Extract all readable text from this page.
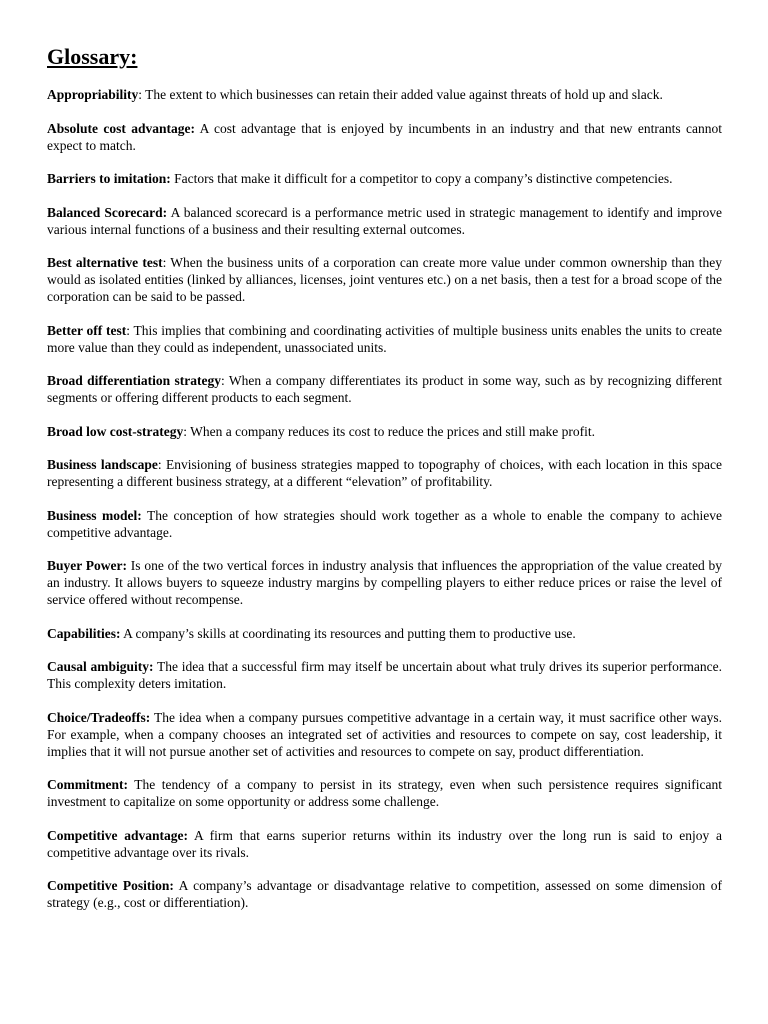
Glossary:

Appropriability: The extent to which businesses can retain their added value against threats of hold up and slack.

Absolute cost advantage: A cost advantage that is enjoyed by incumbents in an industry and that new entrants cannot expect to match.

Barriers to imitation: Factors that make it difficult for a competitor to copy a company’s distinctive competencies.

Balanced Scorecard: A balanced scorecard is a performance metric used in strategic management to identify and improve various internal functions of a business and their resulting external outcomes.

Best alternative test: When the business units of a corporation can create more value under common ownership than they would as isolated entities (linked by alliances, licenses, joint ventures etc.) on a net basis, then a test for a broad scope of the corporation can be said to be passed.

Better off test: This implies that combining and coordinating activities of multiple business units enables the units to create more value than they could as independent, unassociated units.

Broad differentiation strategy: When a company differentiates its product in some way, such as by recognizing different segments or offering different products to each segment.

Broad low cost-strategy: When a company reduces its cost to reduce the prices and still make profit.

Business landscape: Envisioning of business strategies mapped to topography of choices, with each location in this space representing a different business strategy, at a different “elevation” of profitability.

Business model: The conception of how strategies should work together as a whole to enable the company to achieve competitive advantage.

Buyer Power: Is one of the two vertical forces in industry analysis that influences the appropriation of the value created by an industry. It allows buyers to squeeze industry margins by compelling players to either reduce prices or raise the level of service offered without recompense.

Capabilities: A company’s skills at coordinating its resources and putting them to productive use.

Causal ambiguity: The idea that a successful firm may itself be uncertain about what truly drives its superior performance. This complexity deters imitation.

Choice/Tradeoffs: The idea when a company pursues competitive advantage in a certain way, it must sacrifice other ways. For example, when a company chooses an integrated set of activities and resources to compete on say, cost leadership, it implies that it will not pursue another set of activities and resources to compete on say, product differentiation.

Commitment: The tendency of a company to persist in its strategy, even when such persistence requires significant investment to capitalize on some opportunity or address some challenge.

Competitive advantage: A firm that earns superior returns within its industry over the long run is said to enjoy a competitive advantage over its rivals.

Competitive Position: A company’s advantage or disadvantage relative to competition, assessed on some dimension of strategy (e.g., cost or differentiation).
